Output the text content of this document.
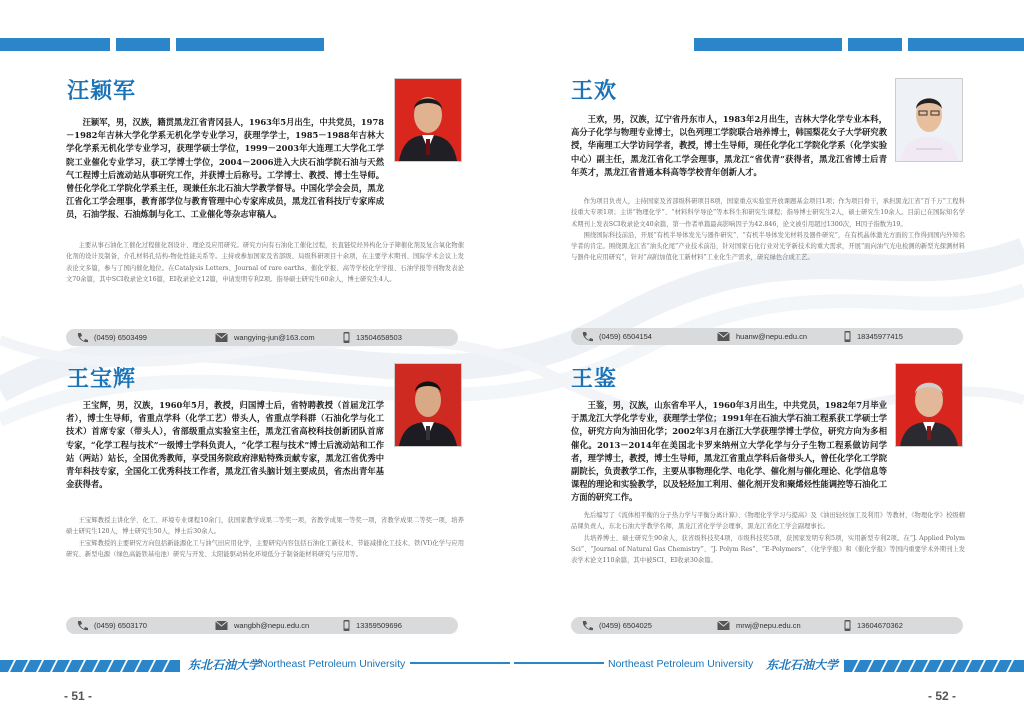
汪颖军

汪颖军，男，汉族，籍贯黑龙江省青冈县人，1963年5月出生，中共党员，1978－1982年吉林大学化学系无机化学专业学习，获理学学士，1985－1988年吉林大学化学系无机化学专业学习，获理学硕士学位，1999－2003年大连理工大学化工学院工业催化专业学习，获工学博士学位，2004－2006进入大庆石油学院石油与天然气工程博士后流动站从事研究工作，并获博士后称号。工学博士、教授、博士生导师。曾任化学化工学院化学系主任，现兼任东北石油大学教学督导。中国化学会会员，黑龙江省化工学会理事，教育部学位与教育管理中心专家库成员，黑龙江省科技厅专家库成员，石油学报、石油炼制与化工、工业催化等杂志审稿人。

主要从事石油化工催化过程催化剂设计、理论及应用研究。研究方向有石油化工催化过程，长直链烷烃异构化分子筛催化剂及复合氧化物催化剂的设计及制备，介孔材料孔结构-物化性能关系等。主持或参加国家及省部级、局级科研项目十余项，在主要学术期刊、国际学术会议上发表论文多篇，参与了国内催化地位。在Catalysis Letters、Journal of rare earths、催化学报、高等学校化学学报、石油学报等刊物发表论文70余篇，其中SCI收录论文16篇，EI收录论文12篇，申请发明专利2项。指导硕士研究生60余人，博士研究生4人。

(0459) 6503499	wangying-jun@163.com	13504658503
王欢

王欢，男，汉族，辽宁省丹东市人，1983年2月出生，吉林大学化学专业本科，高分子化学与物理专业博士，以色列理工学院联合培养博士，韩国梨花女子大学研究教授，华南理工大学访问学者，教授，博士生导师，现任化学化工学院化学系（化学实验中心）副主任，黑龙江省化工学会理事，黑龙江“省优青”获得者，黑龙江省博士后青年英才，黑龙江省普通本科高等学校青年创新人才。

作为项目负责人，主持国家及省部级科研项目8项，国家重点实验室开放课题基金项目1项；作为项目骨干，承担黑龙江省“百千万”工程科技重大专项1项；主讲“物理化学”、“材料科学导论”等本科生和研究生课程；指导博士研究生2人，硕士研究生10余人。目前已在国际知名学术期刊上发表SCI收录论文40余篇，第一作者单篇最高影响因子为42.846，论文被引用超过1300次，H因子指数为19。

围绕国际科技前沿，开展“有机半导体发光与器件研究”、“有机半导体发光材料及器件研究”，在有机晶体激光方面的工作得到国内外知名学者的肯定。围绕黑龙江省“油头化尾”产业技术前沿，针对国家石化行业对光学新技术的重大需求，开展“面向油气光电检测的新型光探测材料与器件化应用研究”，针对“高附加值化工新材料”工业化生产需求，研究绿色合成工艺。

(0459) 6504154	huanw@nepu.edu.cn	18345977415
王宝辉

王宝辉，男，汉族，1960年5月，教授，归国博士后，省特聘教授（首届龙江学者），博士生导师，省重点学科（化学工艺）带头人，省重点学科群（石油化学与化工技术）首席专家（带头人），省部级重点实验室主任，黑龙江省高校科技创新团队首席专家，“化学工程与技术”一级博士学科负责人，“化学工程与技术”博士后流动站和工作站（两站）站长，全国优秀教师，享受国务院政府津贴特殊贡献专家，黑龙江省优秀中青年科技专家，全国化工优秀科技工作者，黑龙江省头脑计划主要成员，省杰出青年基金获得者。

王宝辉教授主讲化学、化工、环境专业课程10余门，获国家教学成果二等奖一项，省教学成果一等奖一项，省教学成果二等奖一项，培养硕士研究生120人，博士研究生50人，博士后30余人。

王宝辉教授的主要研究方向包括新能源化工与油气田应用化学，主要研究内容包括石油化工新技术、节能减排化工技术、铁(VI)化学与应用研究、新型电源（绿色高能铁基电池）研究与开发、太阳能驱动转化环境低分子制备能材料研究与应用等。

(0459) 6503170	wangbh@nepu.edu.cn	13359509696
王鉴

王鉴，男，汉族，山东省牟平人，1960年3月出生，中共党员，1982年7月毕业于黑龙江大学化学专业，获理学士学位；1991年在石油大学石油工程系获工学硕士学位，研究方向为油田化学；2002年3月在浙江大学获理学博士学位，研究方向为多相催化。2013－2014年在美国北卡罗来纳州立大学化学与分子生物工程系做访问学者，理学博士，教授，博士生导师，黑龙江省重点学科后备带头人，曾任化学化工学院副院长，负责教学工作，主要从事物理化学、电化学、催化剂与催化理论、化学信息等课程的理论和实验教学，以及轻烃加工利用、催化剂开发和聚烯烃性能调控等石油化工方面的研究工作。

先后编写了《流体相平衡的分子热力学与平衡分离计算》、《物理化学学习与提高》及《油田轻烃加工及利用》等教材，《物理化学》校级精品课负责人，东北石油大学教学名师，黑龙江省化学学会理事，黑龙江省化工学会副理事长。

共培养博士、硕士研究生90余人，获省级科技奖4项，市级科技奖5项，获国家发明专利5项，实用新型专利2项。在“J. Applied Polym Sci”、“Journal of Natural Gas Chemistry”、“J. Polym Res”、“E-Polymers”、《化学学报》和《催化学报》等国内重要学术外期刊上发表学术论文110余篇，其中被SCI、EI收录30余篇。

(0459) 6504025	mrwj@nepu.edu.cn	13604670362
东北石油大学 Northeast Petroleum University	Northeast Petroleum University 东北石油大学
- 51 -	- 52 -
